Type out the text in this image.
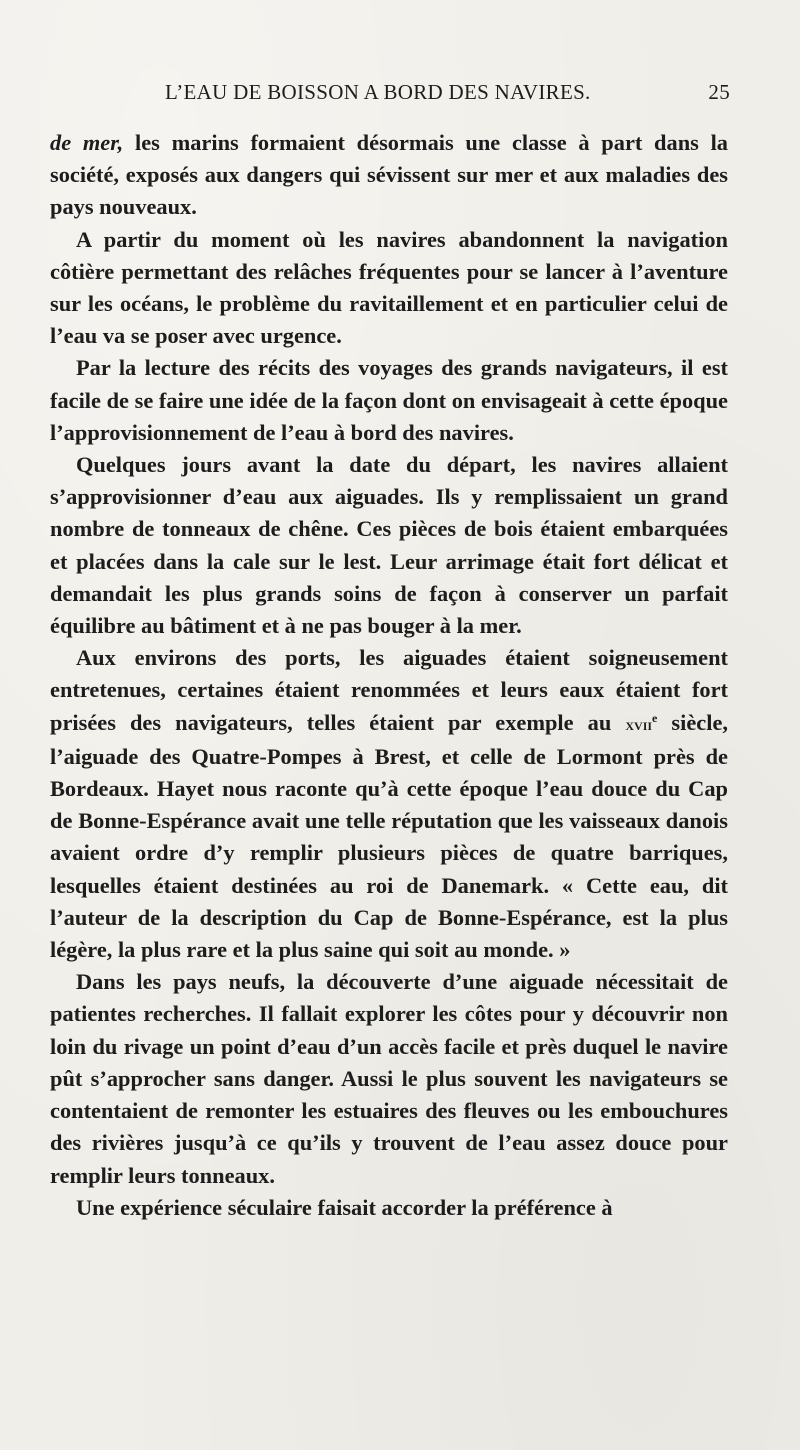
L’EAU DE BOISSON A BORD DES NAVIRES.	25

de mer, les marins formaient désormais une classe à part dans la société, exposés aux dangers qui sévissent sur mer et aux maladies des pays nouveaux.

A partir du moment où les navires abandonnent la navigation côtière permettant des relâches fréquentes pour se lancer à l’aventure sur les océans, le problème du ravitaillement et en particulier celui de l’eau va se poser avec urgence.

Par la lecture des récits des voyages des grands navigateurs, il est facile de se faire une idée de la façon dont on envisageait à cette époque l’approvisionnement de l’eau à bord des navires.

Quelques jours avant la date du départ, les navires allaient s’approvisionner d’eau aux aiguades. Ils y remplissaient un grand nombre de tonneaux de chêne. Ces pièces de bois étaient embarquées et placées dans la cale sur le lest. Leur arrimage était fort délicat et demandait les plus grands soins de façon à conserver un parfait équilibre au bâtiment et à ne pas bouger à la mer.

Aux environs des ports, les aiguades étaient soigneusement entretenues, certaines étaient renommées et leurs eaux étaient fort prisées des navigateurs, telles étaient par exemple au xvii$^e$ siècle, l’aiguade des Quatre-Pompes à Brest, et celle de Lormont près de Bordeaux. Hayet nous raconte qu’à cette époque l’eau douce du Cap de Bonne-Espérance avait une telle réputation que les vaisseaux danois avaient ordre d’y remplir plusieurs pièces de quatre barriques, lesquelles étaient destinées au roi de Danemark. « Cette eau, dit l’auteur de la description du Cap de Bonne-Espérance, est la plus légère, la plus rare et la plus saine qui soit au monde. »

Dans les pays neufs, la découverte d’une aiguade nécessitait de patientes recherches. Il fallait explorer les côtes pour y découvrir non loin du rivage un point d’eau d’un accès facile et près duquel le navire pût s’approcher sans danger. Aussi le plus souvent les navigateurs se contentaient de remonter les estuaires des fleuves ou les embouchures des rivières jusqu’à ce qu’ils y trouvent de l’eau assez douce pour remplir leurs tonneaux.

Une expérience séculaire faisait accorder la préférence à
